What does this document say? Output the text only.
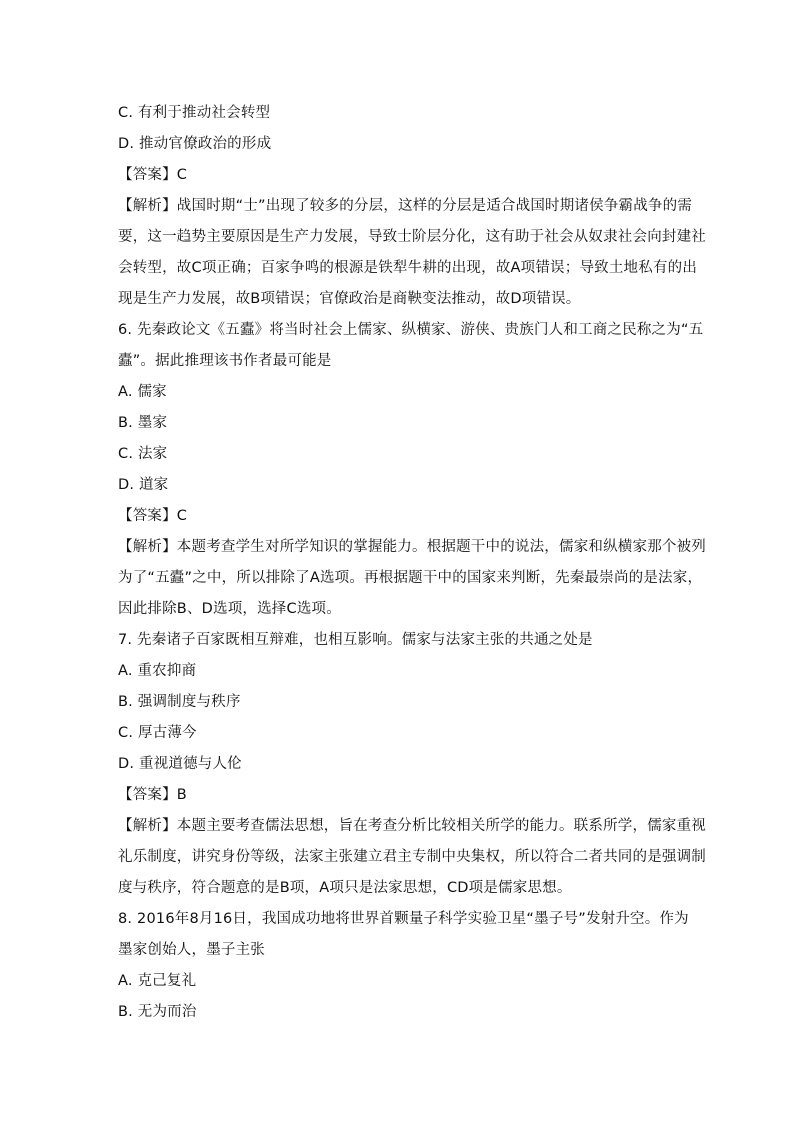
C. 有利于推动社会转型
D. 推动官僚政治的形成
【答案】C
【解析】战国时期“士”出现了较多的分层，这样的分层是适合战国时期诸侯争霸战争的需
要，这一趋势主要原因是生产力发展，导致士阶层分化，这有助于社会从奴隶社会向封建社
会转型，故C项正确；百家争鸣的根源是铁犁牛耕的出现，故A项错误；导致土地私有的出
现是生产力发展，故B项错误；官僚政治是商鞅变法推动，故D项错误。
6. 先秦政论文《五蠹》将当时社会上儒家、纵横家、游侠、贵族门人和工商之民称之为“五
蠹”。据此推理该书作者最可能是
A. 儒家
B. 墨家
C. 法家
D. 道家
【答案】C
【解析】本题考查学生对所学知识的掌握能力。根据题干中的说法，儒家和纵横家那个被列
为了“五蠹”之中，所以排除了A选项。再根据题干中的国家来判断，先秦最崇尚的是法家，
因此排除B、D选项，选择C选项。
7. 先秦诸子百家既相互辩难，也相互影响。儒家与法家主张的共通之处是
A. 重农抑商
B. 强调制度与秩序
C. 厚古薄今
D. 重视道德与人伦
【答案】B
【解析】本题主要考查儒法思想，旨在考查分析比较相关所学的能力。联系所学，儒家重视
礼乐制度，讲究身份等级，法家主张建立君主专制中央集权，所以符合二者共同的是强调制
度与秩序，符合题意的是B项，A项只是法家思想，CD项是儒家思想。
8. 2016年8月16日，我国成功地将世界首颗量子科学实验卫星“墨子号”发射升空。作为
墨家创始人，墨子主张
A. 克己复礼
B. 无为而治
